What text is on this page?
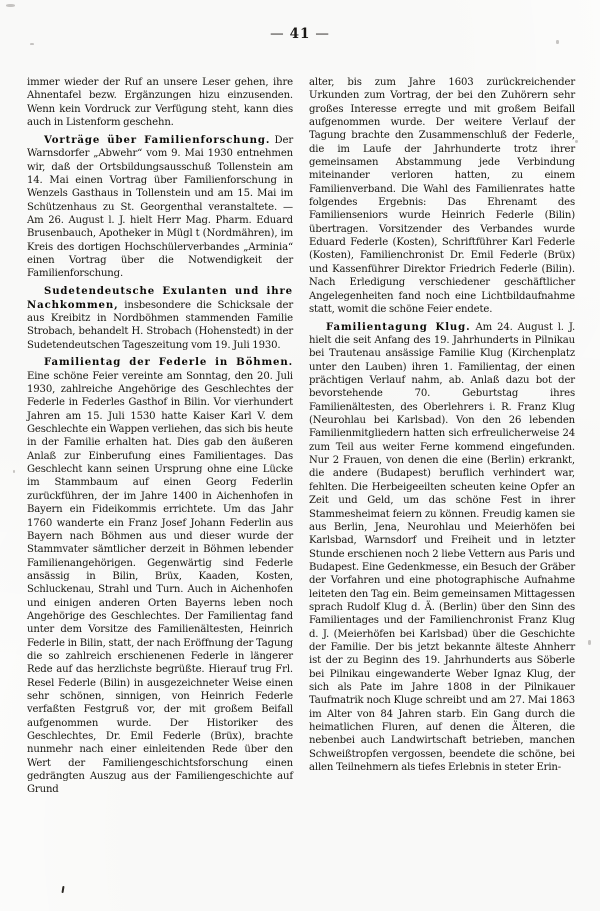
— 41 —

immer wieder der Ruf an unsere Leser gehen, ihre Ahnentafel bezw. Ergänzungen hizu einzusenden. Wenn kein Vordruck zur Verfügung steht, kann dies auch in Listenform geschehn.

Vorträge über Familienforschung. Der Warnsdorfer „Abwehr“ vom 9. Mai 1930 entnehmen wir, daß der Ortsbildungsausschuß Tollenstein am 14. Mai einen Vortrag über Familienforschung in Wenzels Gasthaus in Tollenstein und am 15. Mai im Schützenhaus zu St. Georgenthal veranstaltete. — Am 26. August l. J. hielt Herr Mag. Pharm. Eduard Brusenbauch, Apotheker in Mügl t (Nordmähren), im Kreis des dortigen Hochschülerverbandes „Arminia“ einen Vortrag über die Notwendigkeit der Familienforschung.

Sudetendeutsche Exulanten und ihre Nachkommen, insbesondere die Schicksale der aus Kreibitz in Nordböhmen stammenden Familie Strobach, behandelt H. Strobach (Hohenstedt) in der Sudetendeutschen Tageszeitung vom 19. Juli 1930.

Familientag der Federle in Böhmen. Eine schöne Feier vereinte am Sonntag, den 20. Juli 1930, zahlreiche Angehörige des Geschlechtes der Federle in Federles Gasthof in Bilin. Vor vierhundert Jahren am 15. Juli 1530 hatte Kaiser Karl V. dem Geschlechte ein Wappen verliehen, das sich bis heute in der Familie erhalten hat. Dies gab den äußeren Anlaß zur Einberufung eines Familientages. Das Geschlecht kann seinen Ursprung ohne eine Lücke im Stammbaum auf einen Georg Federlin zurückführen, der im Jahre 1400 in Aichenhofen in Bayern ein Fideikommis errichtete. Um das Jahr 1760 wanderte ein Franz Josef Johann Federlin aus Bayern nach Böhmen aus und dieser wurde der Stammvater sämtlicher derzeit in Böhmen lebender Familienangehörigen. Gegenwärtig sind Federle ansässig in Bilin, Brüx, Kaaden, Kosten, Schluckenau, Strahl und Turn. Auch in Aichenhofen und einigen anderen Orten Bayerns leben noch Angehörige des Geschlechtes. Der Familientag fand unter dem Vorsitze des Familienältesten, Heinrich Federle in Bilin, statt, der nach Eröffnung der Tagung die so zahlreich erschienenen Federle in längerer Rede auf das herzlichste begrüßte. Hierauf trug Frl. Resel Federle (Bilin) in ausgezeichneter Weise einen sehr schönen, sinnigen, von Heinrich Federle verfaßten Festgruß vor, der mit großem Beifall aufgenommen wurde. Der Historiker des Geschlechtes, Dr. Emil Federle (Brüx), brachte nunmehr nach einer einleitenden Rede über den Wert der Familiengeschichtsforschung einen gedrängten Auszug aus der Familiengeschichte auf Grund

alter, bis zum Jahre 1603 zurückreichender Urkunden zum Vortrag, der bei den Zuhörern sehr großes Interesse erregte und mit großem Beifall aufgenommen wurde. Der weitere Verlauf der Tagung brachte den Zusammenschluß der Federle, die im Laufe der Jahrhunderte trotz ihrer gemeinsamen Abstammung jede Verbindung miteinander verloren hatten, zu einem Familienverband. Die Wahl des Familienrates hatte folgendes Ergebnis: Das Ehrenamt des Familienseniors wurde Heinrich Federle (Bilin) übertragen. Vorsitzender des Verbandes wurde Eduard Federle (Kosten), Schriftführer Karl Federle (Kosten), Familienchronist Dr. Emil Federle (Brüx) und Kassenführer Direktor Friedrich Federle (Bilin). Nach Erledigung verschiedener geschäftlicher Angelegenheiten fand noch eine Lichtbildaufnahme statt, womit die schöne Feier endete.

Familientagung Klug. Am 24. August l. J. hielt die seit Anfang des 19. Jahrhunderts in Pilnikau bei Trautenau ansässige Familie Klug (Kirchenplatz unter den Lauben) ihren 1. Familientag, der einen prächtigen Verlauf nahm, ab. Anlaß dazu bot der bevorstehende 70. Geburtstag ihres Familienältesten, des Oberlehrers i. R. Franz Klug (Neurohlau bei Karlsbad). Von den 26 lebenden Familienmitgliedern hatten sich erfreulicherweise 24 zum Teil aus weiter Ferne kommend eingefunden. Nur 2 Frauen, von denen die eine (Berlin) erkrankt, die andere (Budapest) beruflich verhindert war, fehlten. Die Herbeigeeilten scheuten keine Opfer an Zeit und Geld, um das schöne Fest in ihrer Stammesheimat feiern zu können. Freudig kamen sie aus Berlin, Jena, Neurohlau und Meierhöfen bei Karlsbad, Warnsdorf und Freiheit und in letzter Stunde erschienen noch 2 liebe Vettern aus Paris und Budapest. Eine Gedenkmesse, ein Besuch der Gräber der Vorfahren und eine photographische Aufnahme leiteten den Tag ein. Beim gemeinsamen Mittagessen sprach Rudolf Klug d. Ä. (Berlin) über den Sinn des Familientages und der Familienchronist Franz Klug d. J. (Meierhöfen bei Karlsbad) über die Geschichte der Familie. Der bis jetzt bekannte älteste Ahnherr ist der zu Beginn des 19. Jahrhunderts aus Söberle bei Pilnikau eingewanderte Weber Ignaz Klug, der sich als Pate im Jahre 1808 in der Pilnikauer Taufmatrik noch Kluge schreibt und am 27. Mai 1863 im Alter von 84 Jahren starb. Ein Gang durch die heimatlichen Fluren, auf denen die Älteren, die nebenbei auch Landwirtschaft betrieben, manchen Schweißtropfen vergossen, beendete die schöne, bei allen Teilnehmern als tiefes Erlebnis in steter Erin-
